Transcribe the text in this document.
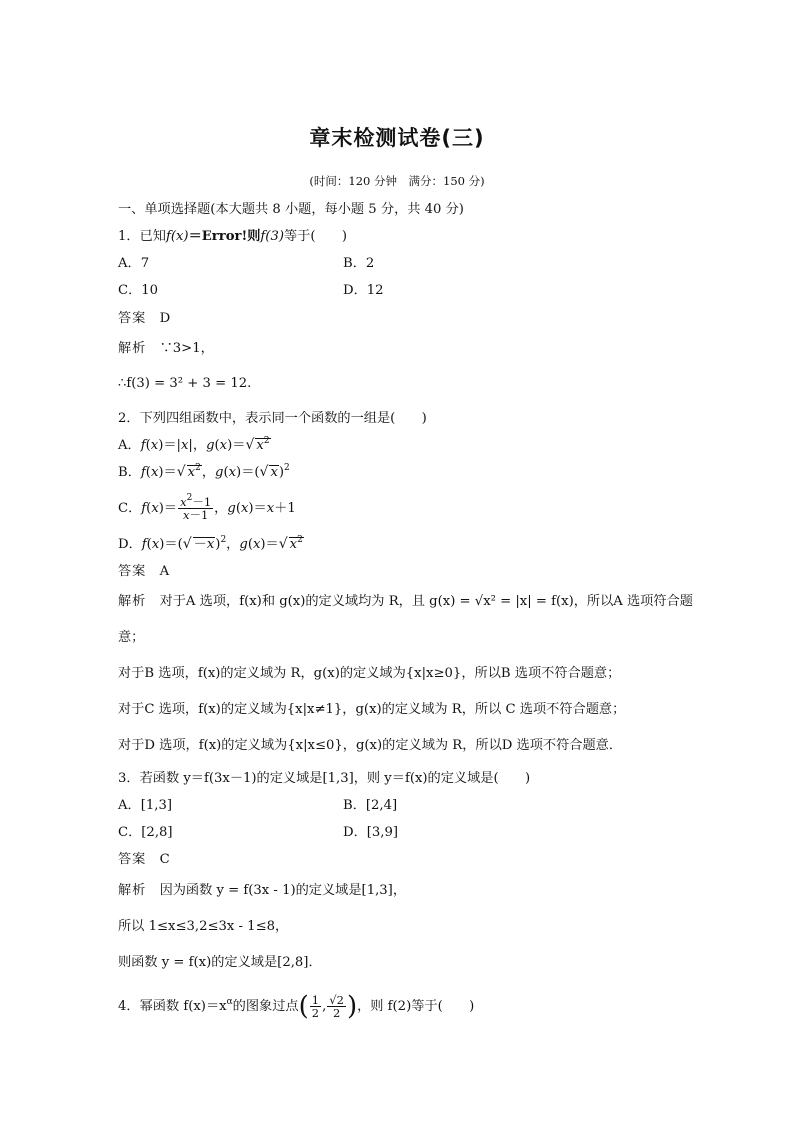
章末检测试卷(三)
(时间：120 分钟　满分：150 分)
一、单项选择题(本大题共 8 小题，每小题 5 分，共 40 分)
1．已知f(x)＝Error!则f(3)等于(　　)
A．7	B．2
C．10	D．12
答案　 D
解析　 ∵3>1，
∴f(3) = 3² + 3 = 12.
2．下列四组函数中，表示同一个函数的一组是(　　)
A．f(x)＝|x|，g(x)＝√ $x^2$
B．f(x)＝√ $x^2$，g(x)＝(√ x)$^2$
C．$f(x)= \frac{x^2-1}{x-1}$ ，g(x)＝x＋1
D．f(x)＝(√ －x)$^2$，g(x)＝√ $x^2$
答案　 A
解析　 对于A 选项，f(x)和 g(x)的定义域均为 R，且 g(x) = √x² = |x| = f(x)，所以A 选项符合题
意；
对于B 选项，f(x)的定义域为 R，g(x)的定义域为{x|x≥0}，所以B 选项不符合题意；
对于C 选项，f(x)的定义域为{x|x≠1}，g(x)的定义域为 R，所以 C 选项不符合题意；
对于D 选项，f(x)的定义域为{x|x≤0}，g(x)的定义域为 R，所以D 选项不符合题意．
3．若函数 y＝f(3x－1)的定义域是[1,3]，则 y＝f(x)的定义域是(　　)
A．[1,3]	B．[2,4]
C．[2,8]	D．[3,9]
答案　 C
解析　 因为函数 y = f(3x - 1)的定义域是[1,3]，
所以 1≤x≤3,2≤3x - 1≤8，
则函数 y = f(x)的定义域是[2,8]．
4．幂函数 $f(x)=x^\alpha$的图象过点( $\frac{1}{2}$ , $\frac{√2}{2}$ )，则 f(2)等于(　　)
